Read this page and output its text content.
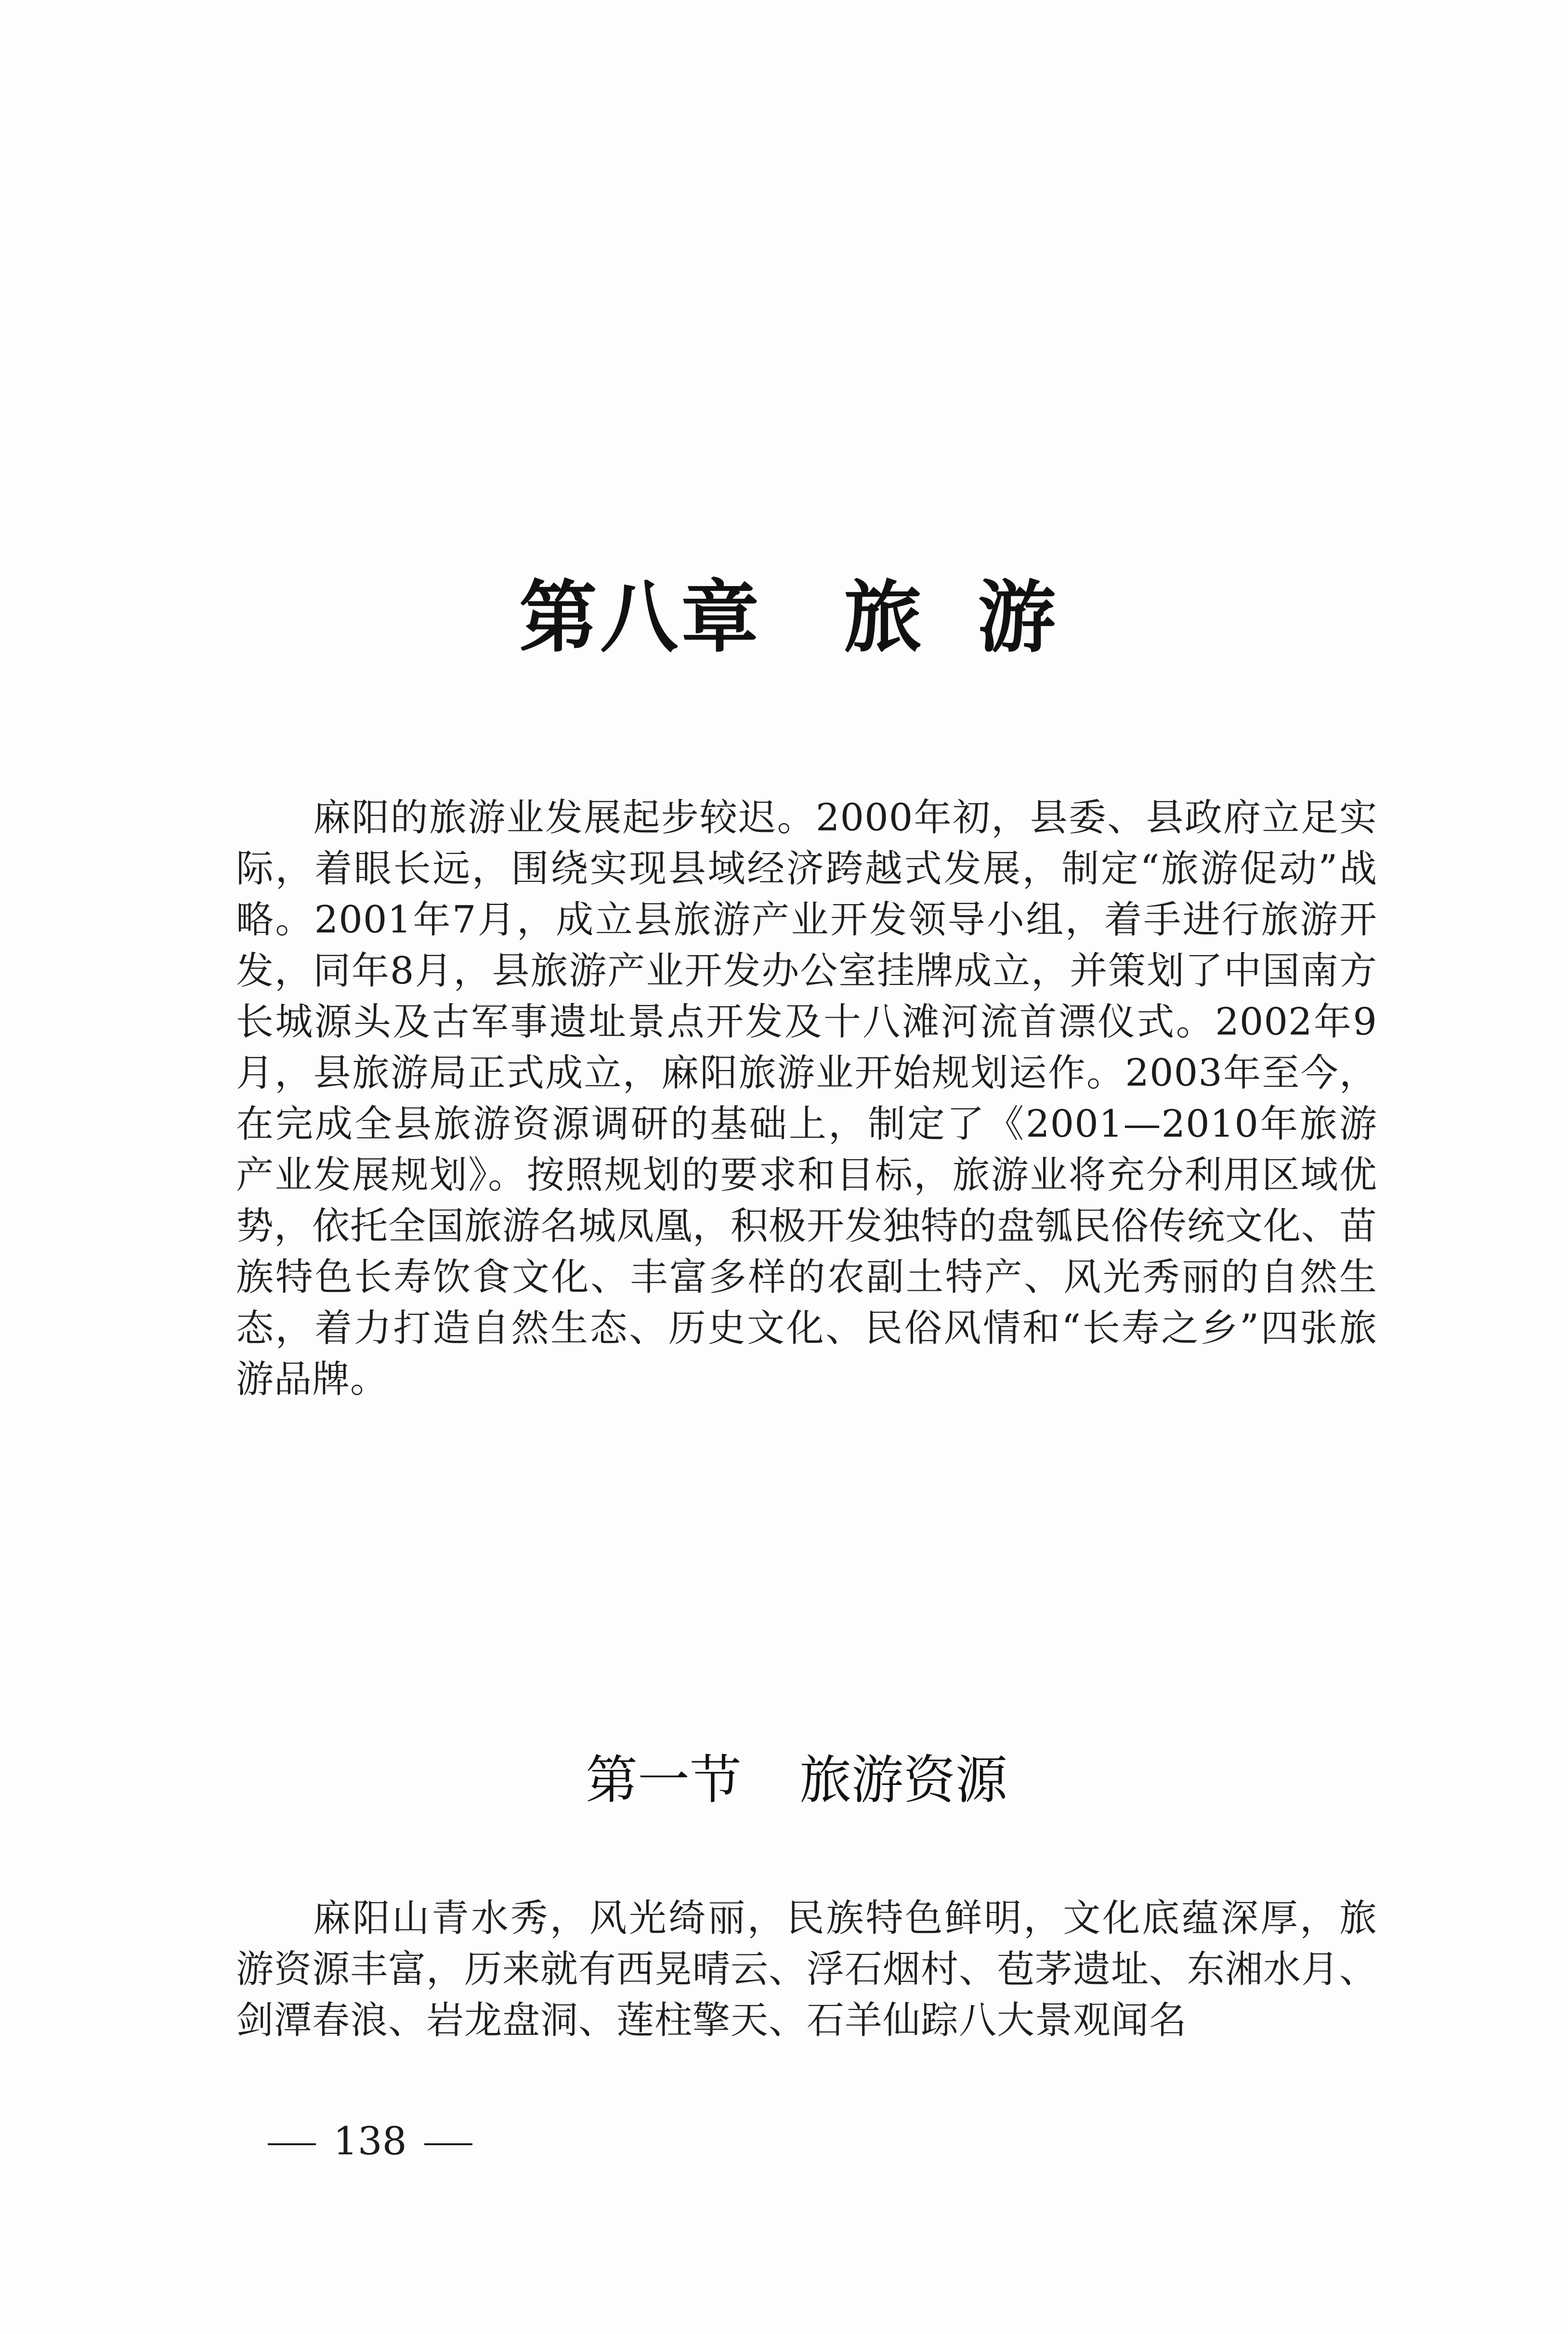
第八章 旅 游

麻阳的旅游业发展起步较迟。2000年初，县委、县政府立足实际，着眼长远，围绕实现县域经济跨越式发展，制定“旅游促动”战略。2001年7月，成立县旅游产业开发领导小组，着手进行旅游开发，同年8月，县旅游产业开发办公室挂牌成立，并策划了中国南方长城源头及古军事遗址景点开发及十八滩河流首漂仪式。2002年9月，县旅游局正式成立，麻阳旅游业开始规划运作。2003年至今，在完成全县旅游资源调研的基础上，制定了《2001—2010年旅游产业发展规划》。按照规划的要求和目标，旅游业将充分利用区域优势，依托全国旅游名城凤凰，积极开发独特的盘瓠民俗传统文化、苗族特色长寿饮食文化、丰富多样的农副土特产、风光秀丽的自然生态，着力打造自然生态、历史文化、民俗风情和“长寿之乡”四张旅游品牌。

第一节 旅游资源

麻阳山青水秀，风光绮丽，民族特色鲜明，文化底蕴深厚，旅游资源丰富，历来就有西晃晴云、浮石烟村、苞茅遗址、东湘水月、剑潭春浪、岩龙盘洞、莲柱擎天、石羊仙踪八大景观闻名

138
